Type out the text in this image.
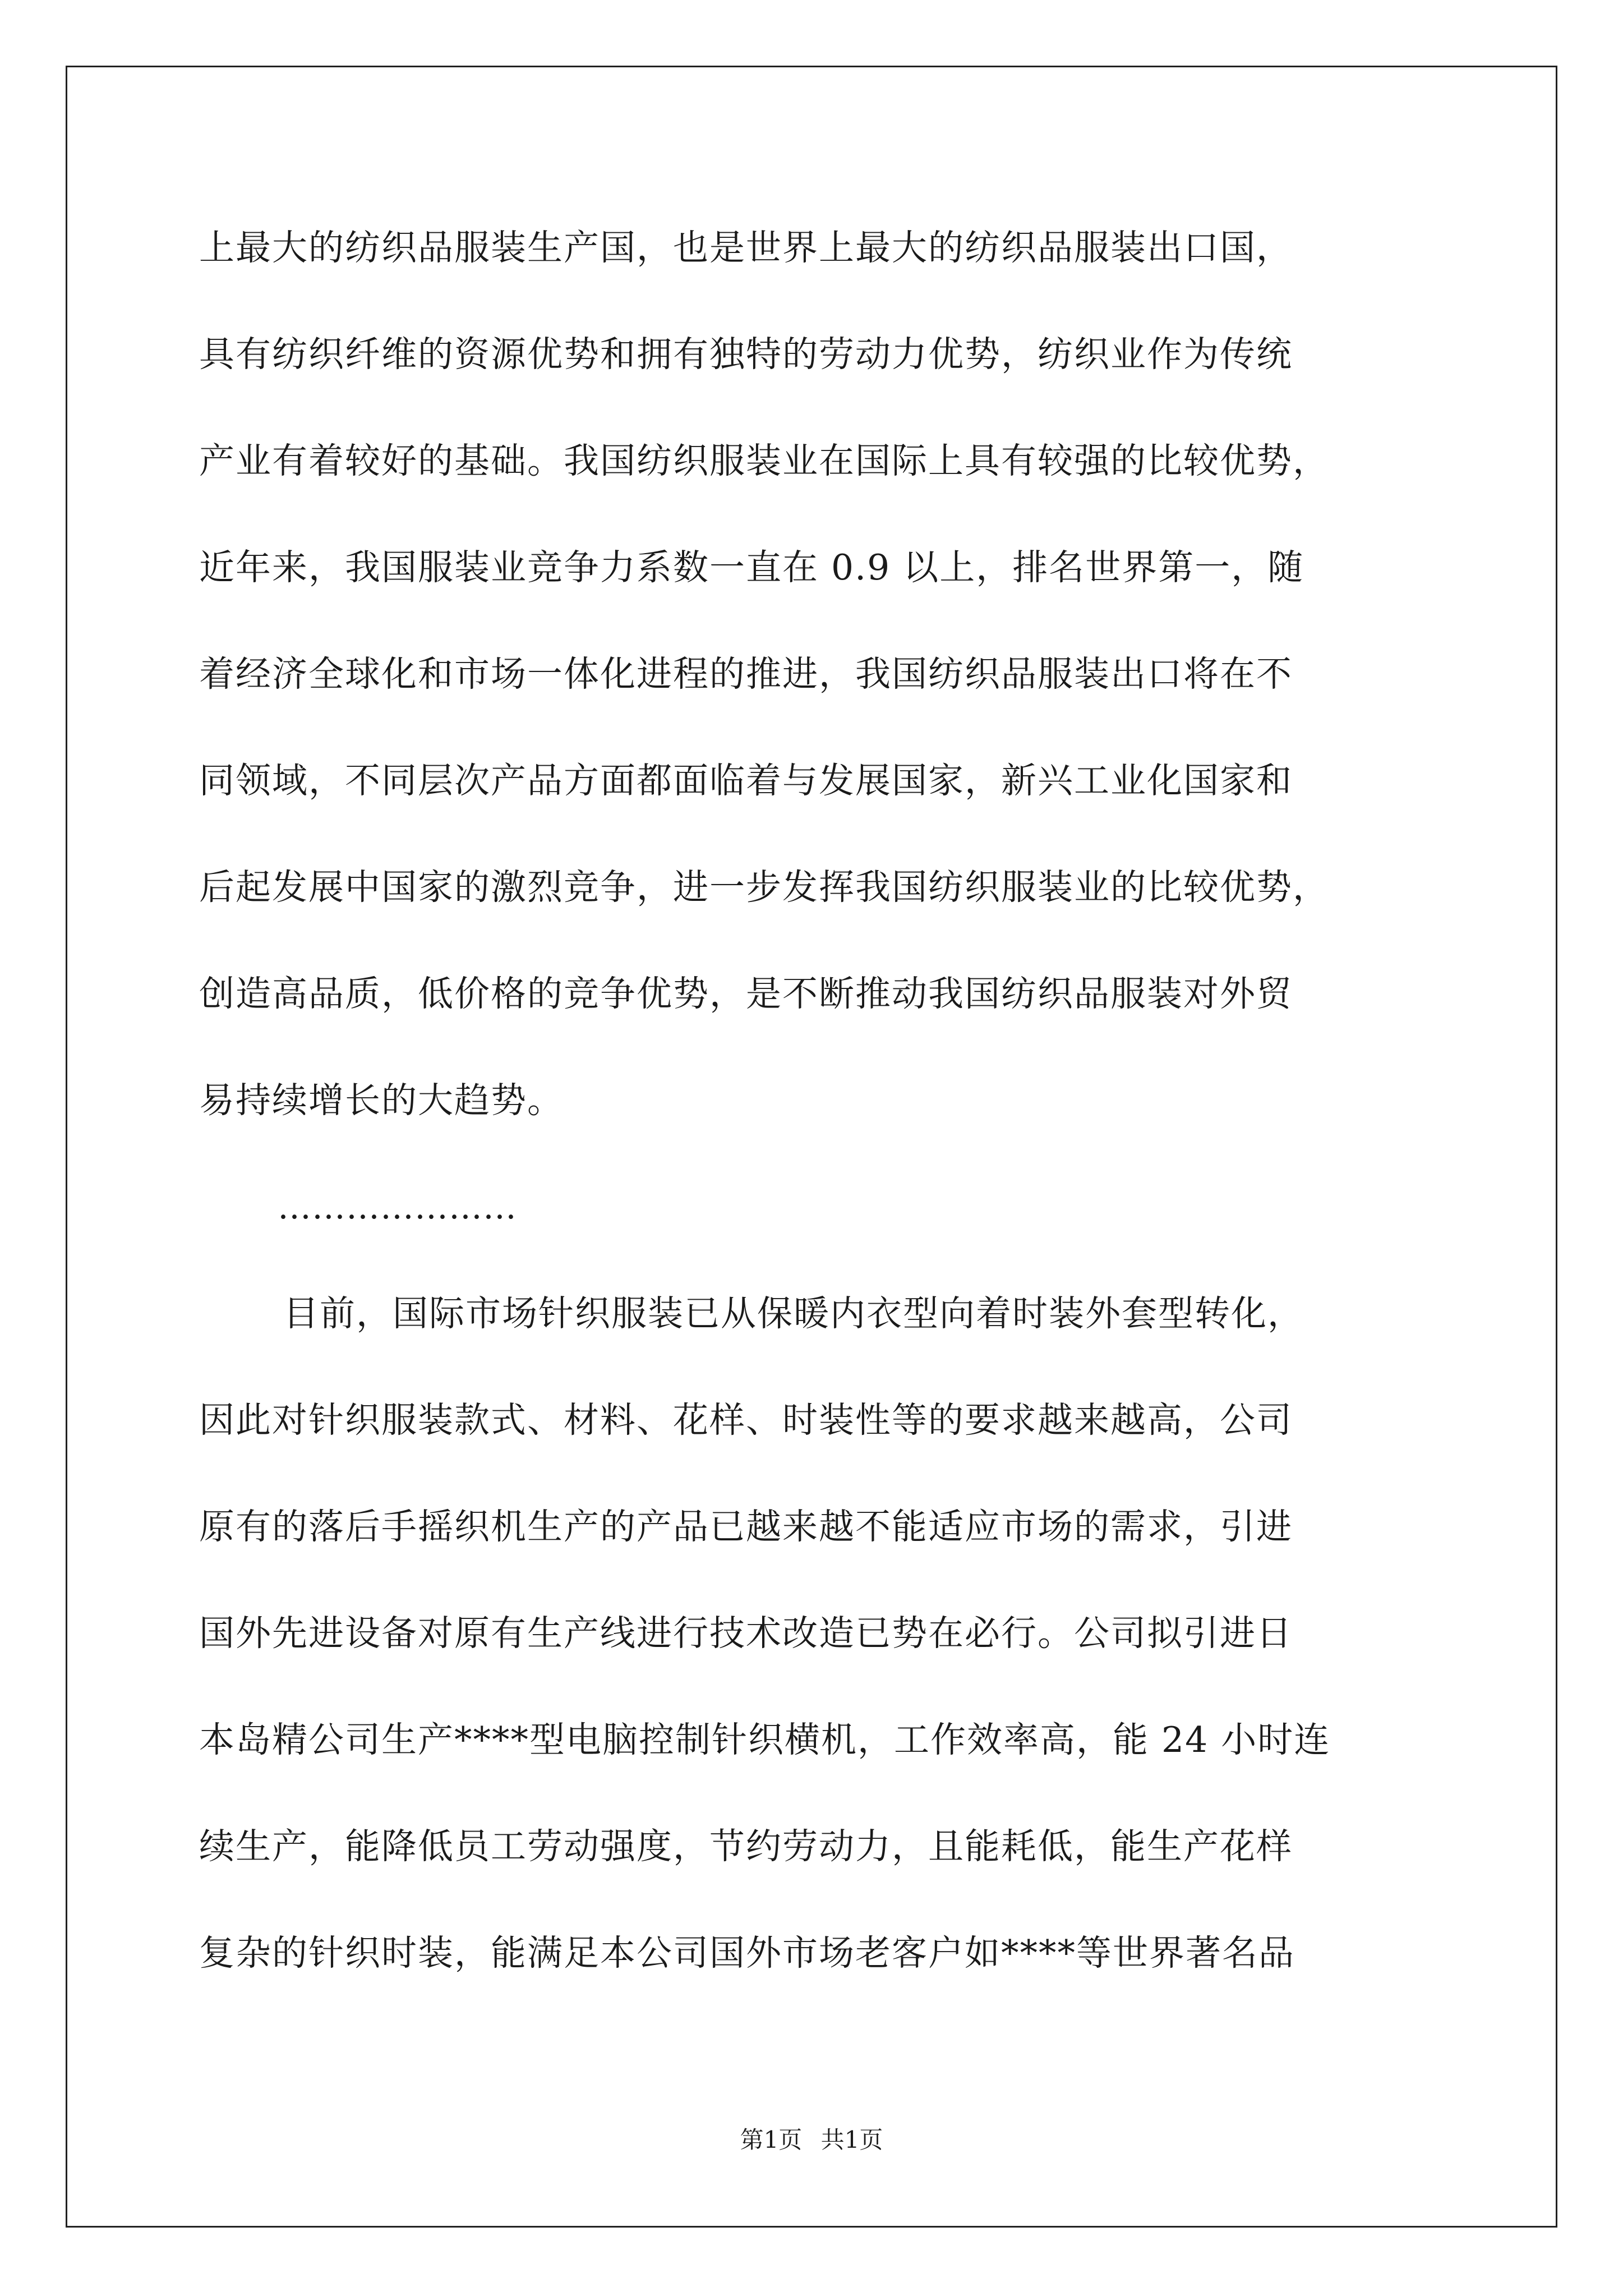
上最大的纺织品服装生产国，也是世界上最大的纺织品服装出口国，
具有纺织纤维的资源优势和拥有独特的劳动力优势，纺织业作为传统
产业有着较好的基础。我国纺织服装业在国际上具有较强的比较优势，
近年来，我国服装业竞争力系数一直在 0.9 以上，排名世界第一，随
着经济全球化和市场一体化进程的推进，我国纺织品服装出口将在不
同领域，不同层次产品方面都面临着与发展国家，新兴工业化国家和
后起发展中国家的激烈竞争，进一步发挥我国纺织服装业的比较优势，
创造高品质，低价格的竞争优势，是不断推动我国纺织品服装对外贸
易持续增长的大趋势。
…………………
目前，国际市场针织服装已从保暖内衣型向着时装外套型转化，
因此对针织服装款式、材料、花样、时装性等的要求越来越高，公司
原有的落后手摇织机生产的产品已越来越不能适应市场的需求，引进
国外先进设备对原有生产线进行技术改造已势在必行。公司拟引进日
本岛精公司生产****型电脑控制针织横机，工作效率高，能 24 小时连
续生产，能降低员工劳动强度，节约劳动力，且能耗低，能生产花样
复杂的针织时装，能满足本公司国外市场老客户如****等世界著名品
第1页 共1页
